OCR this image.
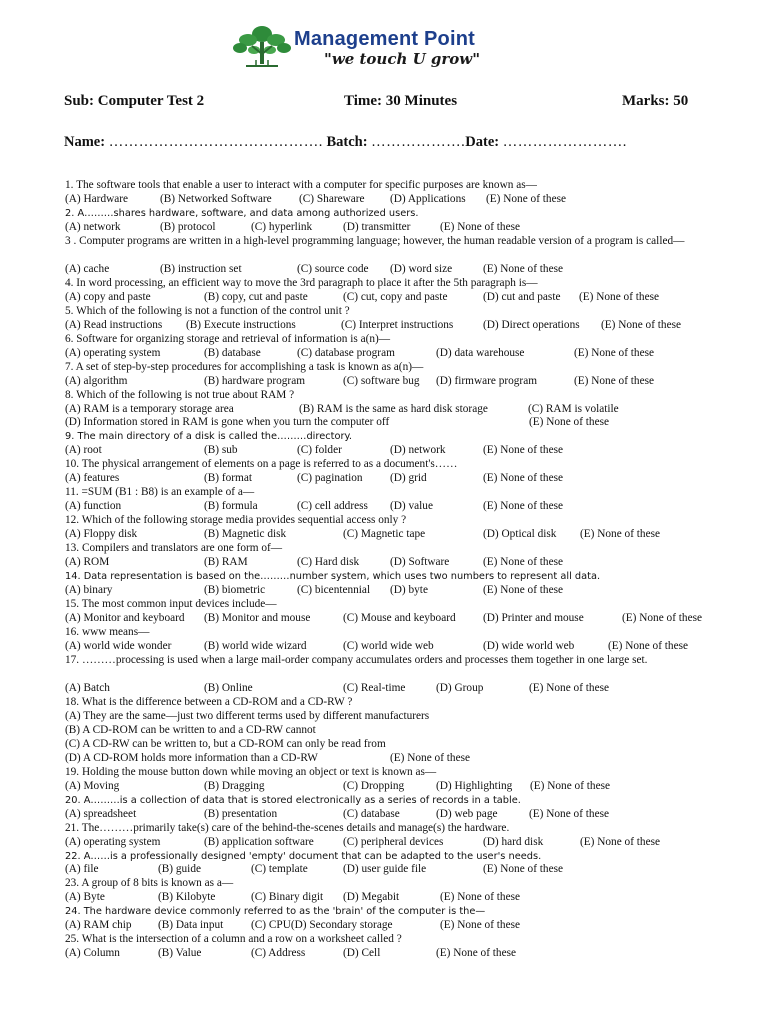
Management Point
"we touch U grow"
Sub: Computer Test 2	Time: 30 Minutes	Marks: 50
Name: ……………………………………. Batch: ……………….Date: …………………….
1. The software tools that enable a user to interact with a computer for specific purposes are known as—
(A) Hardware	(B) Networked Software (C) Shareware (D) Applications (E) None of these
2. A………shares hardware, software, and data among authorized users.
(A) network	(B) protocol	(C) hyperlink	(D) transmitter	(E) None of these
3 . Computer programs are written in a high-level programming language; however, the human readable version of a program is called—
(A) cache	(B) instruction set	(C) source code (D) word size	(E) None of these
4. In word processing, an efficient way to move the 3rd paragraph to place it after the 5th paragraph is—
(A) copy and paste	(B) copy, cut and paste	(C) cut, copy and paste	(D) cut and paste (E) None of these
5. Which of the following is not a function of the control unit ?
(A) Read instructions (B) Execute instructions	(C) Interpret instructions	(D) Direct operations (E) None of these
6. Software for organizing storage and retrieval of information is a(n)—
(A) operating system	(B) database	(C) database program	(D) data warehouse	(E) None of these
7. A set of step-by-step procedures for accomplishing a task is known as a(n)—
(A) algorithm	(B) hardware program	(C) software bug (D) firmware program	(E) None of these
8. Which of the following is not true about RAM ?
(A) RAM is a temporary storage area	(B) RAM is the same as hard disk storage	(C) RAM is volatile
(D) Information stored in RAM is gone when you turn the computer off	(E) None of these
9. The main directory of a disk is called the………directory.
(A) root	(B) sub	(C) folder	(D) network	(E) None of these
10. The physical arrangement of elements on a page is referred to as a document's……
(A) features	(B) format	(C) pagination (D) grid	(E) None of these
11. =SUM (B1 : B8) is an example of a—
(A) function	(B) formula	(C) cell address (D) value	(E) None of these
12. Which of the following storage media provides sequential access only ?
(A) Floppy disk	(B) Magnetic disk	(C) Magnetic tape	(D) Optical disk (E) None of these
13. Compilers and translators are one form of—
(A) ROM	(B) RAM	(C) Hard disk	(D) Software	(E) None of these
14. Data representation is based on the………number system, which uses two numbers to represent all data.
(A) binary	(B) biometric	(C) bicentennial (D) byte	(E) None of these
15. The most common input devices include—
(A) Monitor and keyboard (B) Monitor and mouse	(C) Mouse and keyboard (D) Printer and mouse	(E) None of these
16. www means—
(A) world wide wonder	(B) world wide wizard	(C) world wide web	(D) wide world web	(E) None of these
17. ………processing is used when a large mail-order company accumulates orders and processes them together in one large set.
(A) Batch	(B) Online	(C) Real-time	(D) Group	(E) None of these
18. What is the difference between a CD-ROM and a CD-RW ?
(A) They are the same—just two different terms used by different manufacturers
(B) A CD-ROM can be written to and a CD-RW cannot
(C) A CD-RW can be written to, but a CD-ROM can only be read from
(D) A CD-ROM holds more information than a CD-RW	(E) None of these
19. Holding the mouse button down while moving an object or text is known as—
(A) Moving	(B) Dragging	(C) Dropping	(D) Highlighting (E) None of these
20. A………is a collection of data that is stored electronically as a series of records in a table.
(A) spreadsheet	(B) presentation	(C) database	(D) web page	(E) None of these
21. The………primarily take(s) care of the behind-the-scenes details and manage(s) the hardware.
(A) operating system	(B) application software	(C) peripheral devices	(D) hard disk	(E) None of these
22. A……is a professionally designed 'empty' document that can be adapted to the user's needs.
(A) file	(B) guide	(C) template	(D) user guide file	(E) None of these
23. A group of 8 bits is known as a—
(A) Byte	(B) Kilobyte	(C) Binary digit (D) Megabit	(E) None of these
24. The hardware device commonly referred to as the 'brain' of the computer is the—
(A) RAM chip (B) Data input (C) CPU(D) Secondary storage	(E) None of these
25. What is the intersection of a column and a row on a worksheet called ?
(A) Column	(B) Value	(C) Address	(D) Cell	(E) None of these
